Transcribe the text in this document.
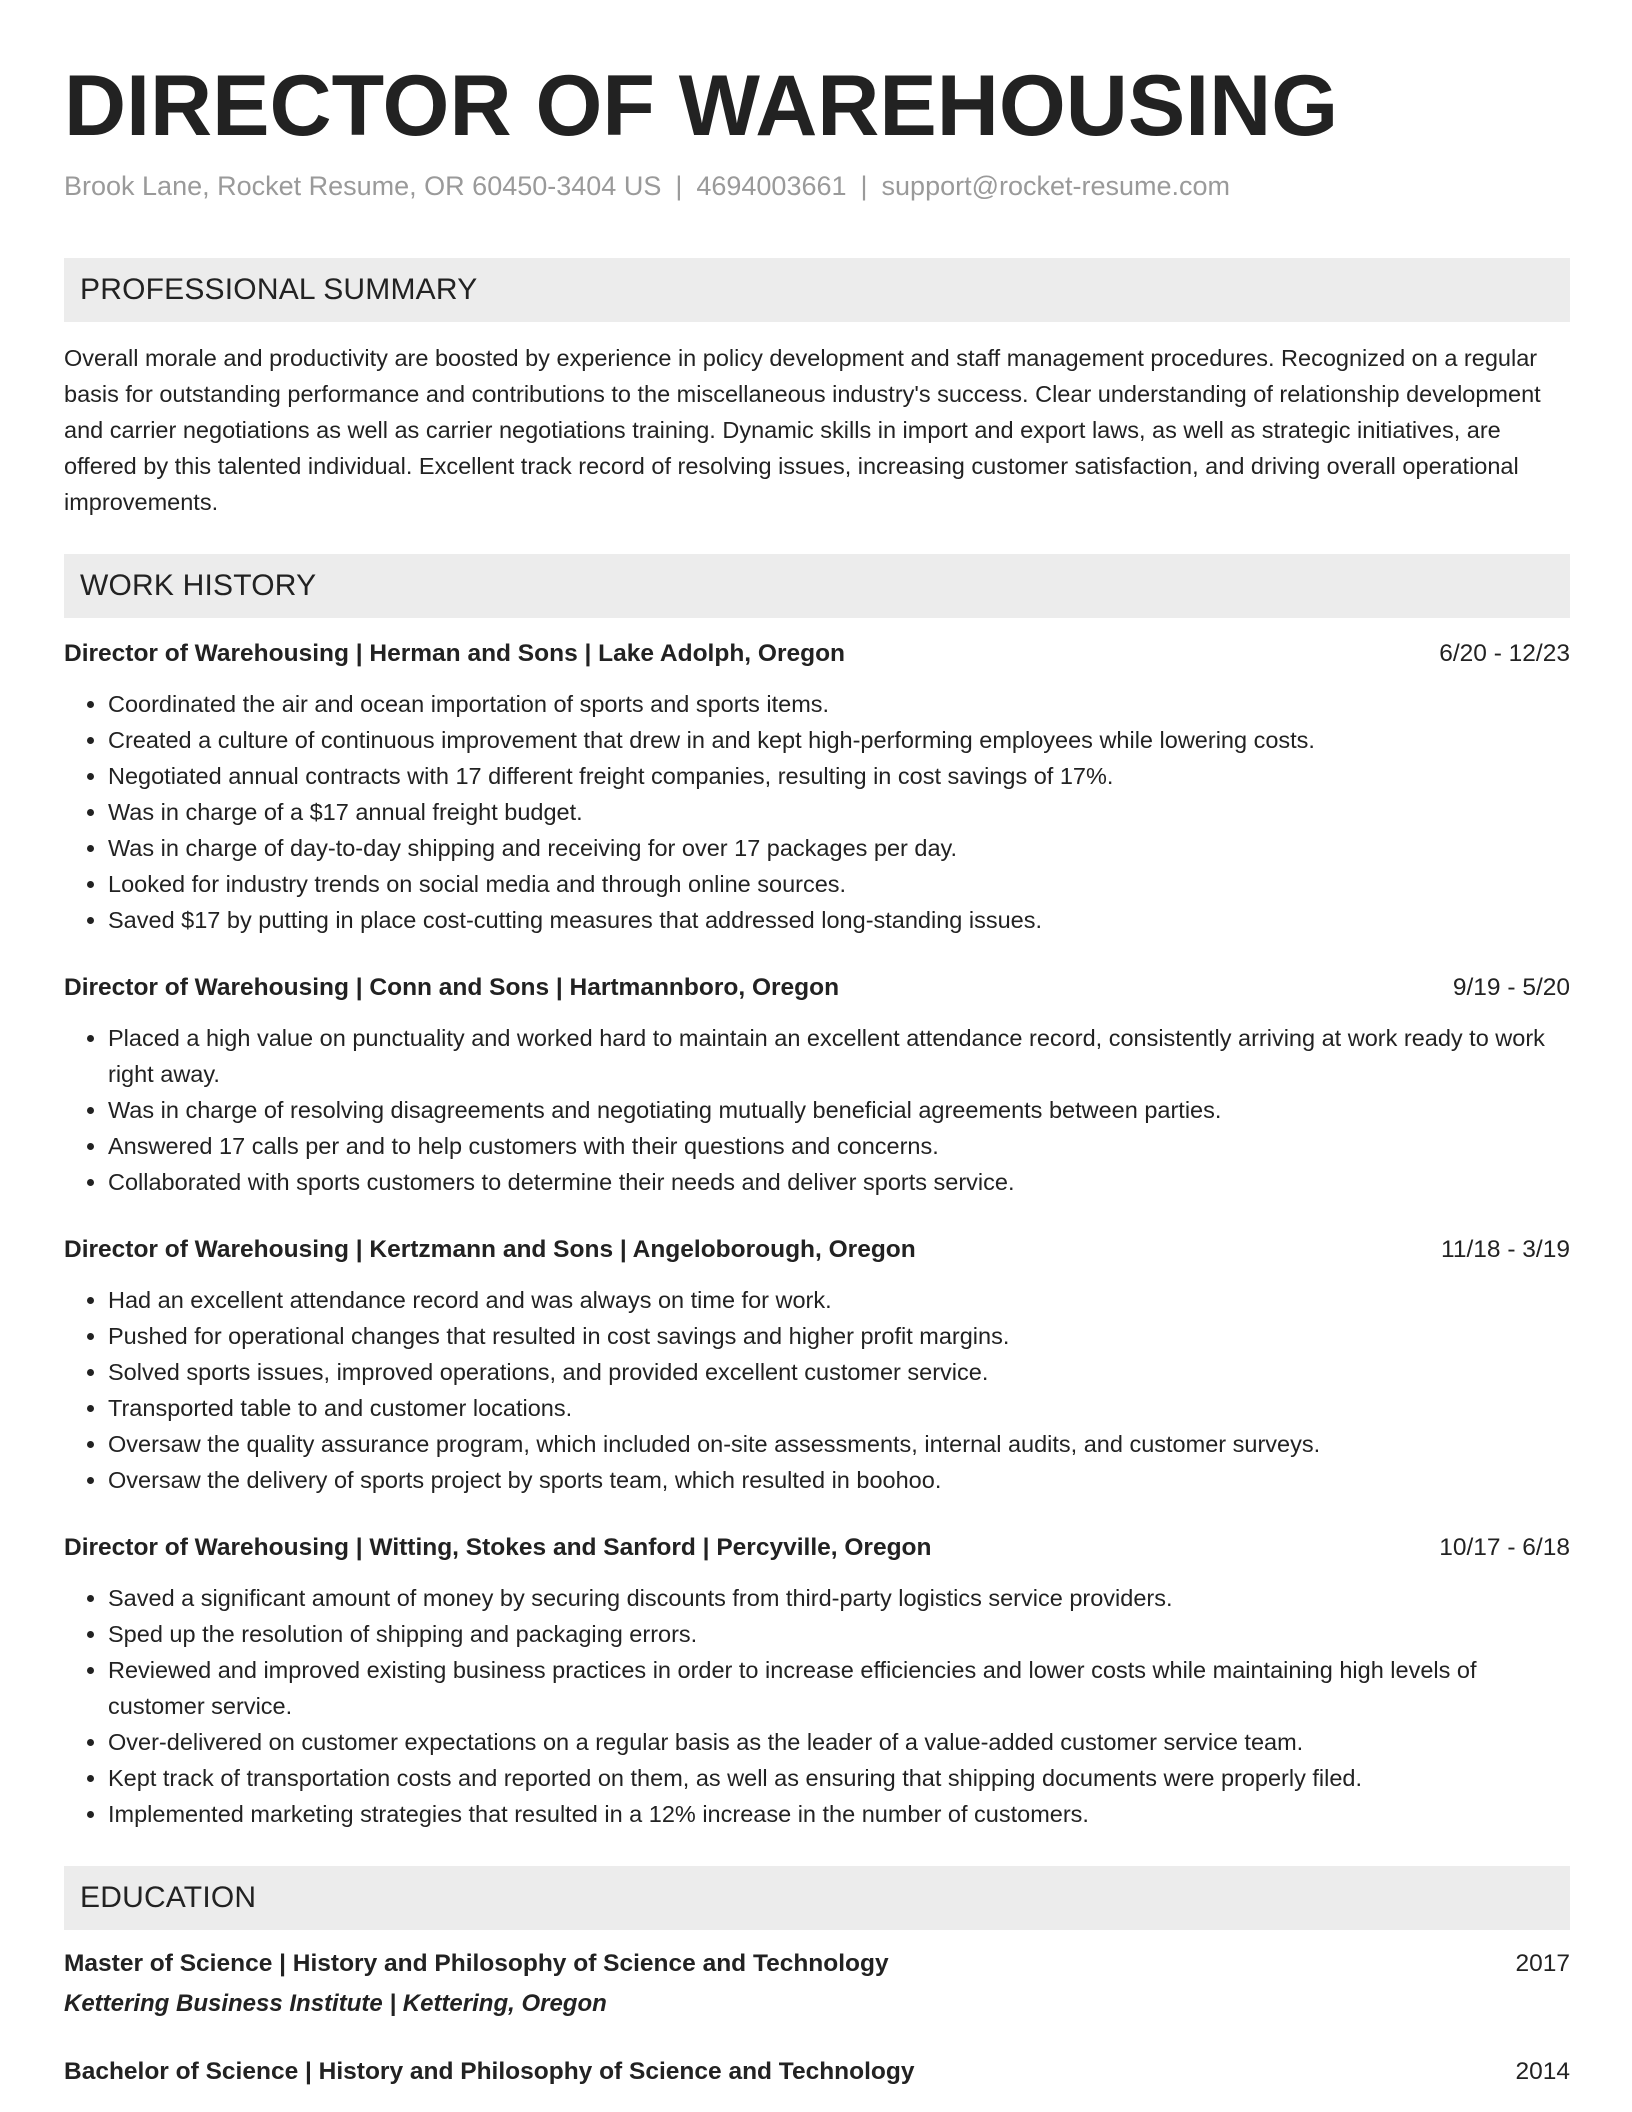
DIRECTOR OF WAREHOUSING
Brook Lane, Rocket Resume, OR 60450-3404 US | 4694003661 | support@rocket-resume.com
PROFESSIONAL SUMMARY
Overall morale and productivity are boosted by experience in policy development and staff management procedures. Recognized on a regular basis for outstanding performance and contributions to the miscellaneous industry's success. Clear understanding of relationship development and carrier negotiations as well as carrier negotiations training. Dynamic skills in import and export laws, as well as strategic initiatives, are offered by this talented individual. Excellent track record of resolving issues, increasing customer satisfaction, and driving overall operational improvements.
WORK HISTORY
Director of Warehousing | Herman and Sons | Lake Adolph, Oregon	6/20 - 12/23
• Coordinated the air and ocean importation of sports and sports items.
• Created a culture of continuous improvement that drew in and kept high-performing employees while lowering costs.
• Negotiated annual contracts with 17 different freight companies, resulting in cost savings of 17%.
• Was in charge of a $17 annual freight budget.
• Was in charge of day-to-day shipping and receiving for over 17 packages per day.
• Looked for industry trends on social media and through online sources.
• Saved $17 by putting in place cost-cutting measures that addressed long-standing issues.
Director of Warehousing | Conn and Sons | Hartmannboro, Oregon	9/19 - 5/20
• Placed a high value on punctuality and worked hard to maintain an excellent attendance record, consistently arriving at work ready to work right away.
• Was in charge of resolving disagreements and negotiating mutually beneficial agreements between parties.
• Answered 17 calls per and to help customers with their questions and concerns.
• Collaborated with sports customers to determine their needs and deliver sports service.
Director of Warehousing | Kertzmann and Sons | Angeloborough, Oregon	11/18 - 3/19
• Had an excellent attendance record and was always on time for work.
• Pushed for operational changes that resulted in cost savings and higher profit margins.
• Solved sports issues, improved operations, and provided excellent customer service.
• Transported table to and customer locations.
• Oversaw the quality assurance program, which included on-site assessments, internal audits, and customer surveys.
• Oversaw the delivery of sports project by sports team, which resulted in boohoo.
Director of Warehousing | Witting, Stokes and Sanford | Percyville, Oregon	10/17 - 6/18
• Saved a significant amount of money by securing discounts from third-party logistics service providers.
• Sped up the resolution of shipping and packaging errors.
• Reviewed and improved existing business practices in order to increase efficiencies and lower costs while maintaining high levels of customer service.
• Over-delivered on customer expectations on a regular basis as the leader of a value-added customer service team.
• Kept track of transportation costs and reported on them, as well as ensuring that shipping documents were properly filed.
• Implemented marketing strategies that resulted in a 12% increase in the number of customers.
EDUCATION
Master of Science | History and Philosophy of Science and Technology	2017
Kettering Business Institute | Kettering, Oregon
Bachelor of Science | History and Philosophy of Science and Technology	2014
